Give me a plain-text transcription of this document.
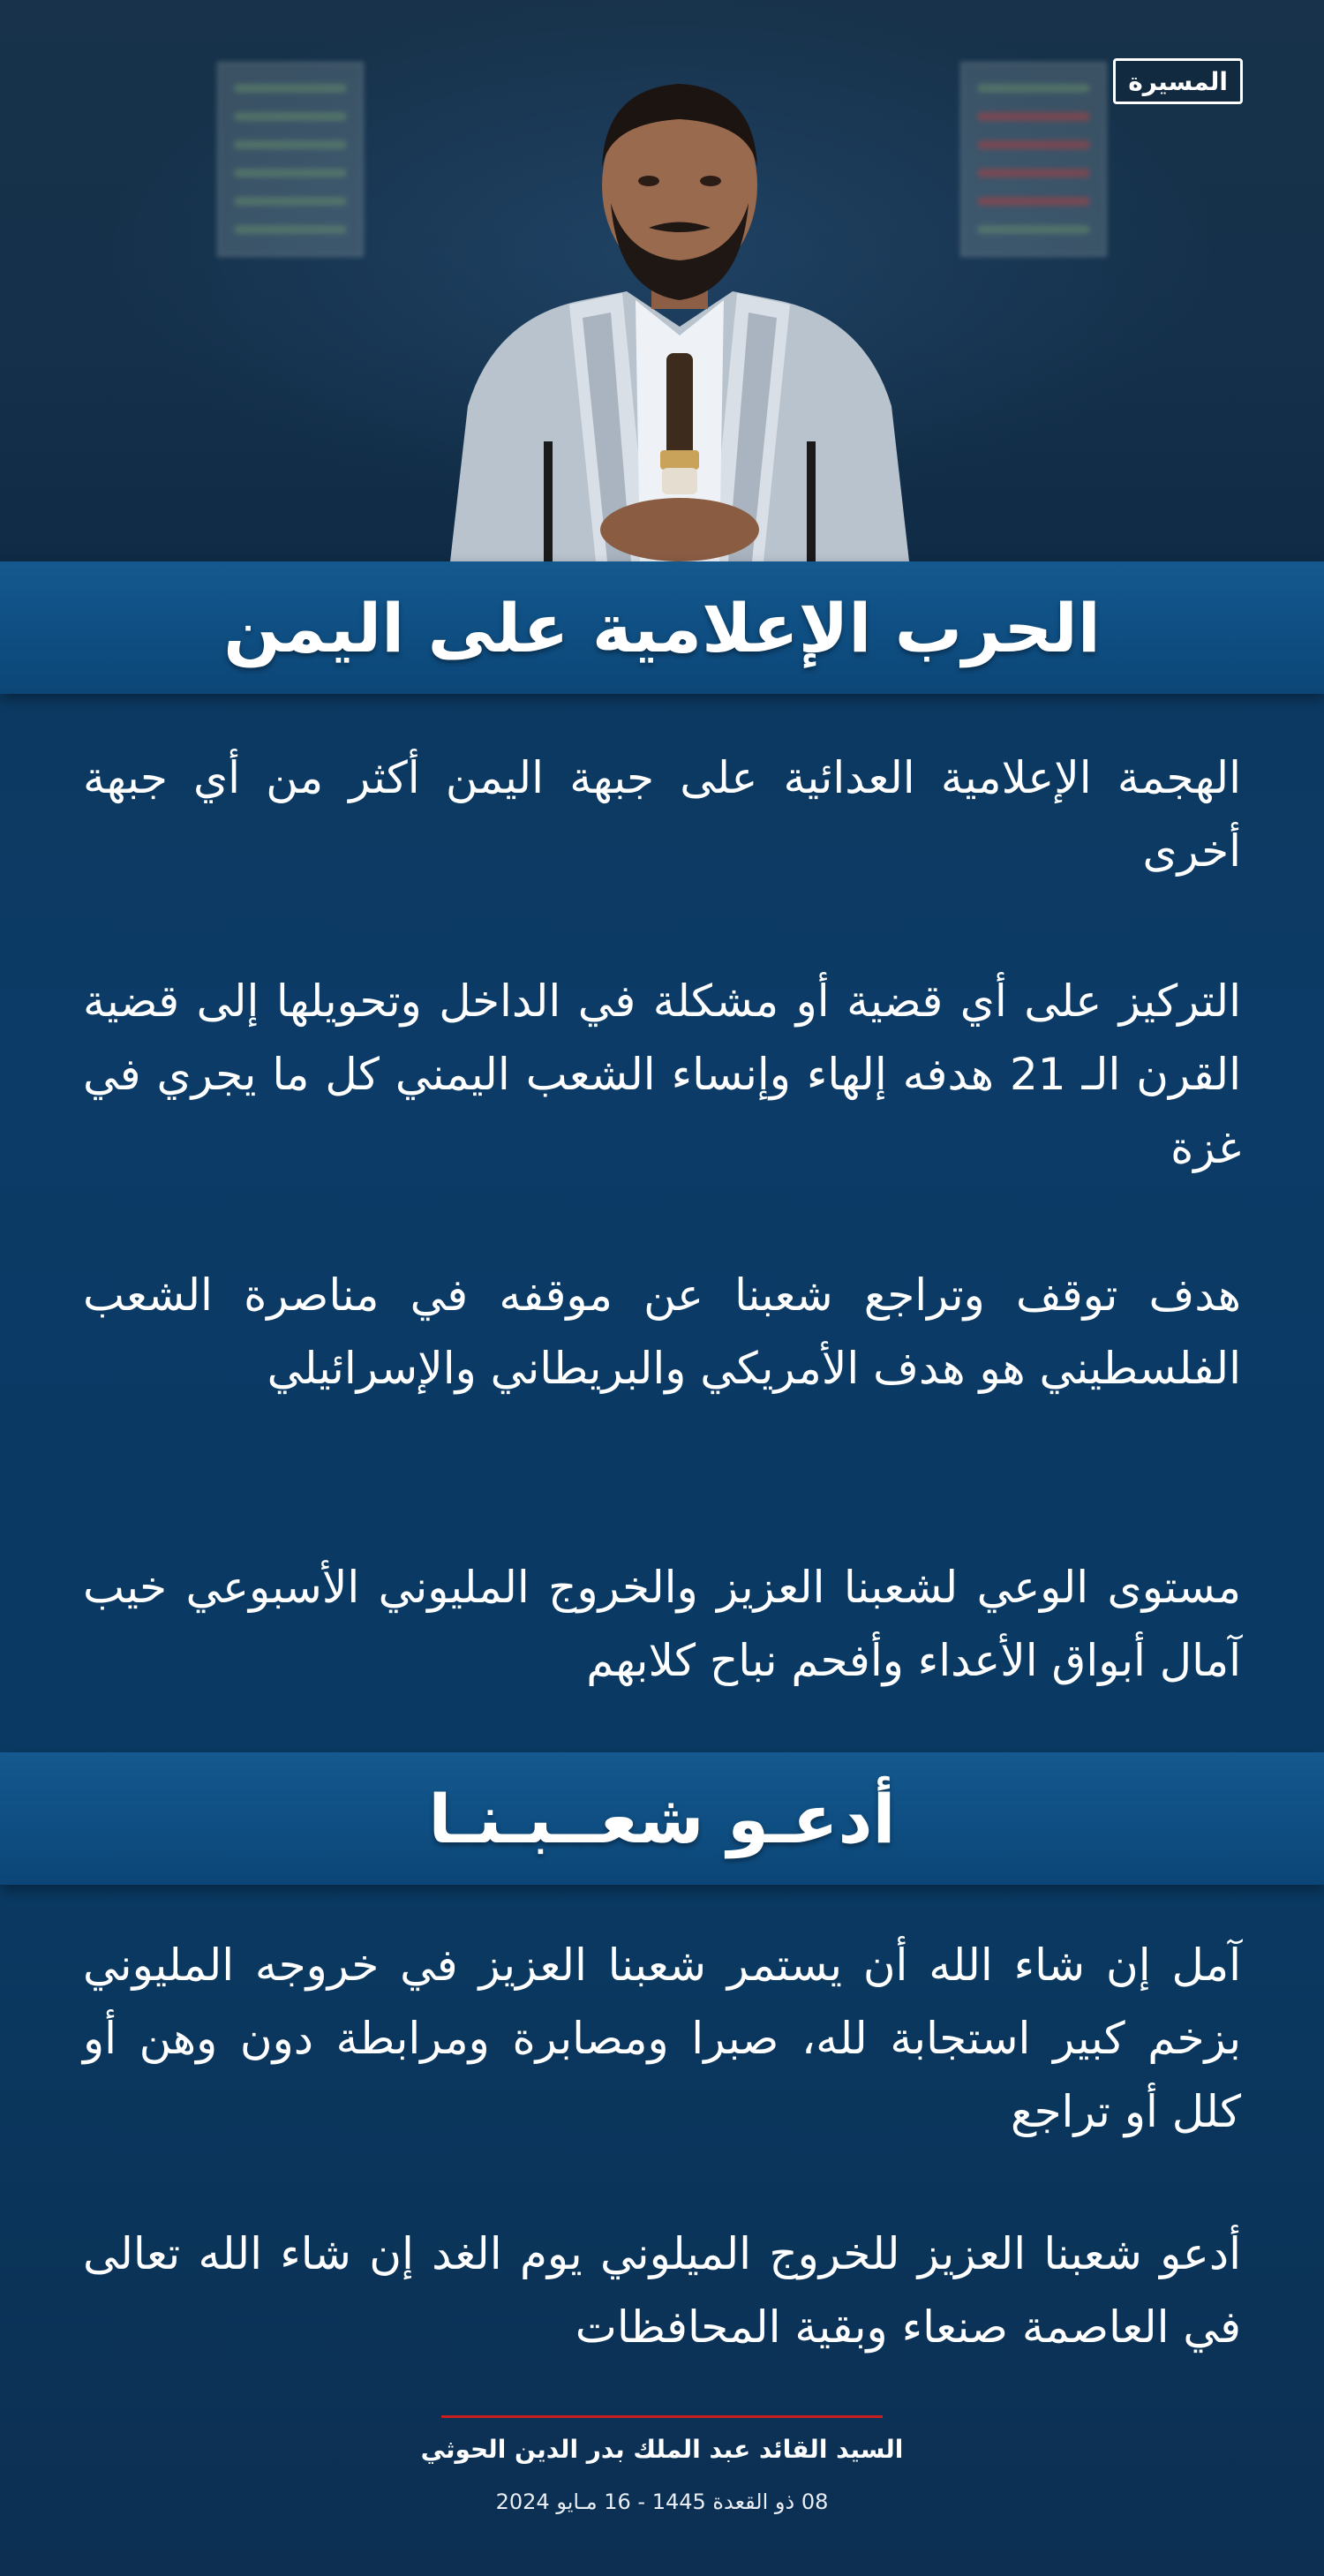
المسيرة
الحرب الإعلامية على اليمن

الهجمة الإعلامية العدائية على جبهة اليمن أكثر من أي جبهة أخرى

التركيز على أي قضية أو مشكلة في الداخل وتحويلها إلى قضية القرن الـ 21 هدفه إلهاء وإنساء الشعب اليمني كل ما يجري في غزة

هدف توقف وتراجع شعبنا عن موقفه في مناصرة الشعب الفلسطيني هو هدف الأمريكي والبريطاني والإسرائيلي

مستوى الوعي لشعبنا العزيز والخروج المليوني الأسبوعي خيب آمال أبواق الأعداء وأفحم نباح كلابهم

أدعـو شعــبـنـا

آمل إن شاء الله أن يستمر شعبنا العزيز في خروجه المليوني بزخم كبير استجابة لله، صبرا ومصابرة ومرابطة دون وهن أو كلل أو تراجع

أدعو شعبنا العزيز للخروج الميلوني يوم الغد إن شاء الله تعالى في العاصمة صنعاء وبقية المحافظات

السيد القائد عبد الملك بدر الدين الحوثي
08 ذو القعدة 1445 - 16 مـايو 2024
